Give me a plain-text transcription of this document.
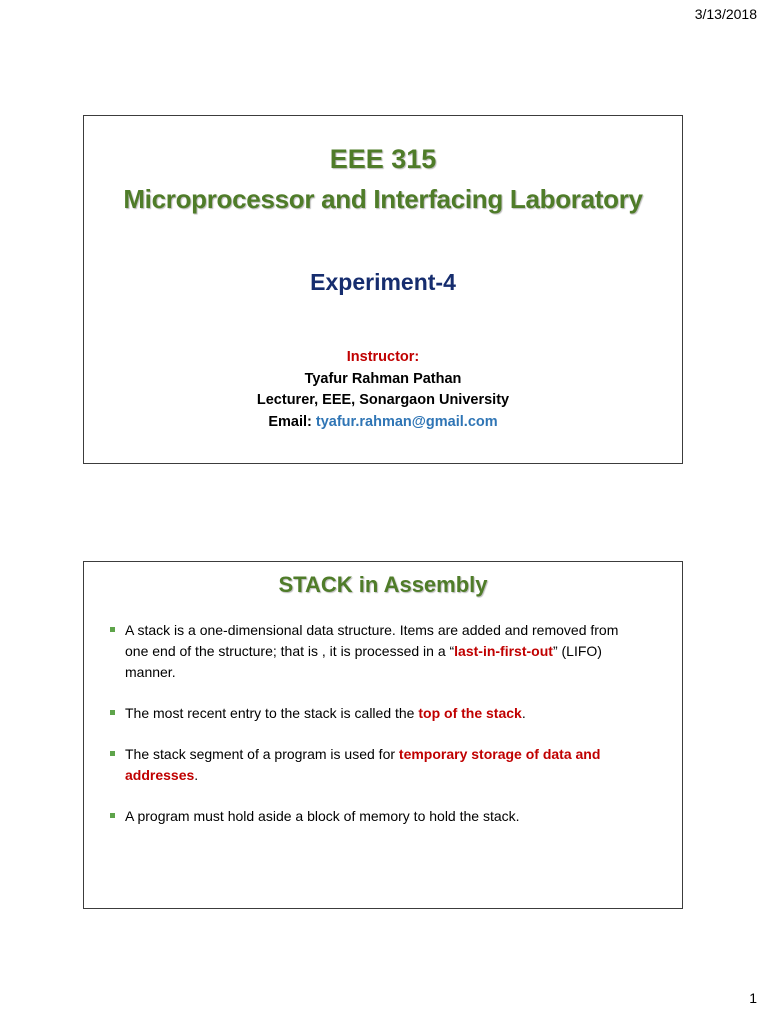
3/13/2018
EEE 315
Microprocessor and Interfacing Laboratory
Experiment-4
Instructor:
Tyafur Rahman Pathan
Lecturer, EEE, Sonargaon University
Email: tyafur.rahman@gmail.com
STACK in Assembly
A stack is a one-dimensional data structure. Items are added and removed from one end of the structure; that is , it is processed in a “last-in-first-out” (LIFO) manner.
The most recent entry to the stack is called the top of the stack.
The stack segment of a program is used for temporary storage of data and addresses.
A program must hold aside a block of memory to hold the stack.
1
